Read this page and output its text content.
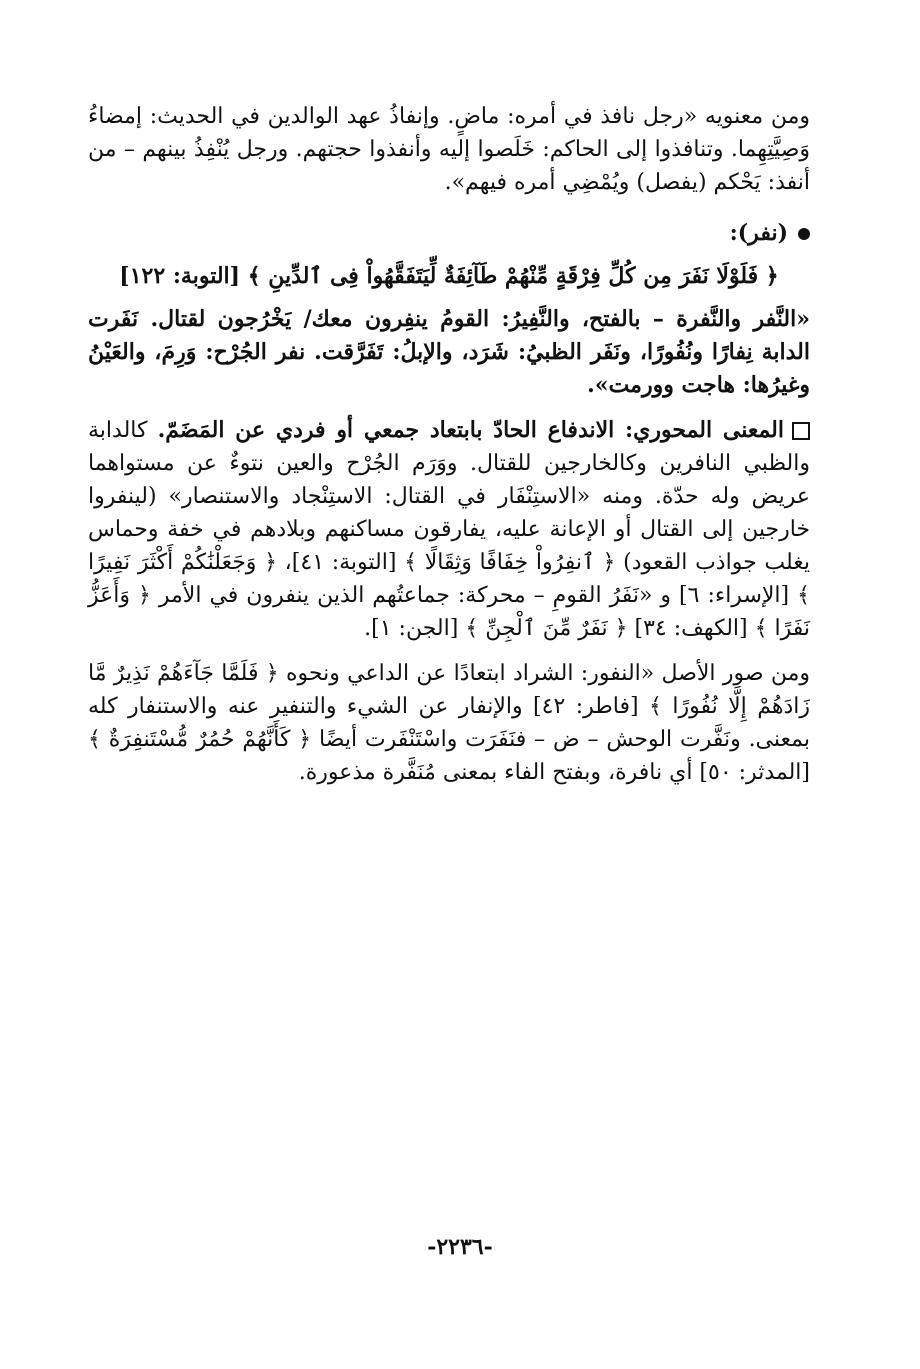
ومن معنويه «رجل نافذ في أمره: ماضٍ. وإنفاذُ عهد الوالدين في الحديث: إمضاءُ وَصِيَّتِهِما. وتنافذوا إلى الحاكم: خَلَصوا إليه وأنفذوا حجتهم. ورجل يُنْفِذُ بينهم – من أنفذ: يَحْكم (يفصل) ويُمْضِي أمره فيهم».

(نفر):

﴿ فَلَوْلَا نَفَرَ مِن كُلِّ فِرْقَةٍ مِّنْهُمْ طَآئِفَةٌ لِّيَتَفَقَّهُواْ فِى ٱلدِّينِ ﴾ [التوبة: ١٢٢]

«النَّفر والنَّفرة – بالفتح، والنَّفِيرُ: القومُ ينفِرون معك/ يَخْرُجون لقتال. نَفَرت الدابة نِفارًا ونُفُورًا، ونَفَر الظبيُ: شَرَد، والإبلُ: تَفَرَّقت. نفر الجُرْح: وَرِمَ، والعَيْنُ وغيرُها: هاجت وورمت».

المعنى المحوري: الاندفاع الحادّ بابتعاد جمعي أو فردي عن المَضَمّ. كالدابة والظبي النافرين وكالخارجين للقتال. ووَرَم الجُرْح والعين نتوءٌ عن مستواهما عريض وله حدّة. ومنه «الاستِنْفَار في القتال: الاستِنْجاد والاستنصار» (لينفروا خارجين إلى القتال أو الإعانة عليه، يفارقون مساكنهم وبلادهم في خفة وحماس يغلب جواذب القعود) ﴿ ٱنفِرُواْ خِفَافًا وَثِقَالًا ﴾ [التوبة: ٤١]، ﴿ وَجَعَلْنَٰكُمْ أَكْثَرَ نَفِيرًا ﴾ [الإسراء: ٦] و «نَفَرُ القومِ – محركة: جماعتُهم الذين ينفرون في الأمر ﴿ وَأَعَزُّ نَفَرًا ﴾ [الكهف: ٣٤] ﴿ نَفَرٌ مِّنَ ٱلْجِنِّ ﴾ [الجن: ١].

ومن صور الأصل «النفور: الشراد ابتعادًا عن الداعي ونحوه ﴿ فَلَمَّا جَآءَهُمْ نَذِيرٌ مَّا زَادَهُمْ إِلَّا نُفُورًا ﴾ [فاطر: ٤٢] والإنفار عن الشيء والتنفير عنه والاستنفار كله بمعنى. ونَفَّرت الوحش – ض – فنَفَرَت واسْتَنْفَرت أيضًا ﴿ كَأَنَّهُمْ حُمُرٌ مُّسْتَنفِرَةٌ ﴾ [المدثر: ٥٠] أي نافرة، وبفتح الفاء بمعنى مُنَفَّرة مذعورة.

-٢٢٣٦-
